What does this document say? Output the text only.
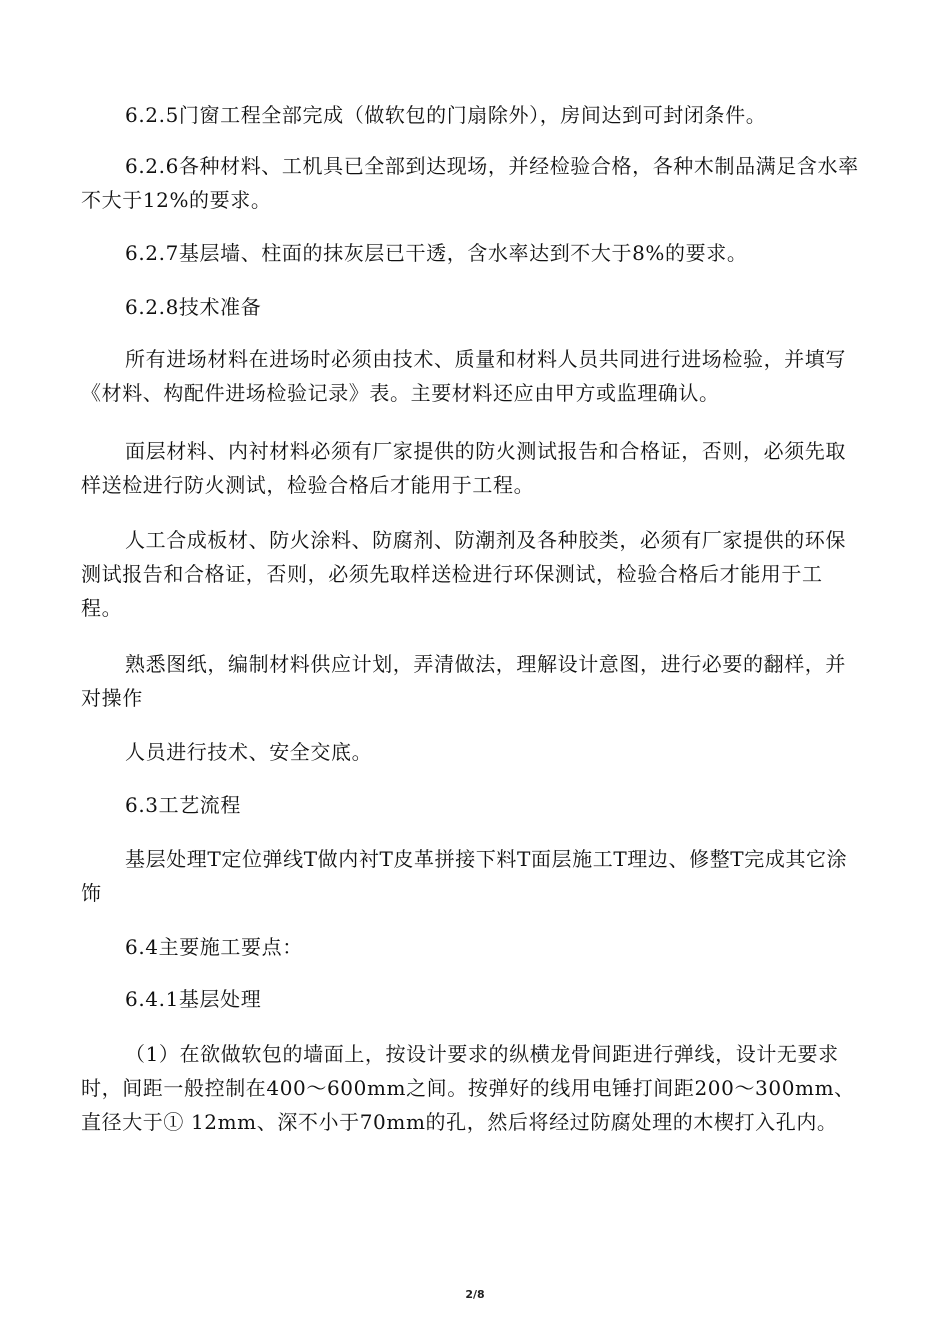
6.2.5门窗工程全部完成（做软包的门扇除外），房间达到可封闭条件。

6.2.6各种材料、工机具已全部到达现场，并经检验合格，各种木制品满足含水率不大于12%的要求。

6.2.7基层墙、柱面的抹灰层已干透，含水率达到不大于8%的要求。

6.2.8技术准备

所有进场材料在进场时必须由技术、质量和材料人员共同进行进场检验，并填写《材料、构配件进场检验记录》表。主要材料还应由甲方或监理确认。

面层材料、内衬材料必须有厂家提供的防火测试报告和合格证，否则，必须先取样送检进行防火测试，检验合格后才能用于工程。

人工合成板材、防火涂料、防腐剂、防潮剂及各种胶类，必须有厂家提供的环保测试报告和合格证，否则，必须先取样送检进行环保测试，检验合格后才能用于工程。

熟悉图纸，编制材料供应计划，弄清做法，理解设计意图，进行必要的翻样，并对操作

人员进行技术、安全交底。

6.3工艺流程

基层处理T定位弹线T做内衬T皮革拼接下料T面层施工T理边、修整T完成其它涂饰

6.4主要施工要点：

6.4.1基层处理

（1）在欲做软包的墙面上，按设计要求的纵横龙骨间距进行弹线，设计无要求时，间距一般控制在400〜600mm之间。按弹好的线用电锤打间距200〜300mm、直径大于① 12mm、深不小于70mm的孔，然后将经过防腐处理的木楔打入孔内。

2/8
